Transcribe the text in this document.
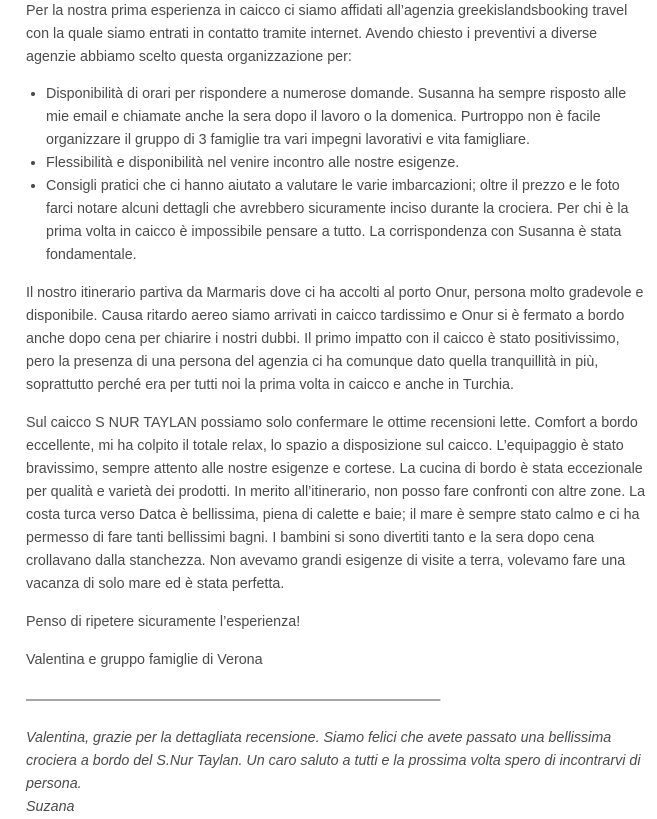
Per la nostra prima esperienza in caicco ci siamo affidati all’agenzia greekislandsbooking travel con la quale siamo entrati in contatto tramite internet. Avendo chiesto i preventivi a diverse agenzie abbiamo scelto questa organizzazione per:

• Disponibilità di orari per rispondere a numerose domande. Susanna ha sempre risposto alle mie email e chiamate anche la sera dopo il lavoro o la domenica. Purtroppo non è facile organizzare il gruppo di 3 famiglie tra vari impegni lavorativi e vita famigliare.
• Flessibilità e disponibilità nel venire incontro alle nostre esigenze.
• Consigli pratici che ci hanno aiutato a valutare le varie imbarcazioni; oltre il prezzo e le foto farci notare alcuni dettagli che avrebbero sicuramente inciso durante la crociera. Per chi è la prima volta in caicco è impossibile pensare a tutto. La corrispondenza con Susanna è stata fondamentale.

Il nostro itinerario partiva da Marmaris dove ci ha accolti al porto Onur, persona molto gradevole e disponibile. Causa ritardo aereo siamo arrivati in caicco tardissimo e Onur si è fermato a bordo anche dopo cena per chiarire i nostri dubbi. Il primo impatto con il caicco è stato positivissimo, pero la presenza di una persona del agenzia ci ha comunque dato quella tranquillità in più, soprattutto perché era per tutti noi la prima volta in caicco e anche in Turchia.

Sul caicco S NUR TAYLAN possiamo solo confermare le ottime recensioni lette. Comfort a bordo eccellente, mi ha colpito il totale relax, lo spazio a disposizione sul caicco. L’equipaggio è stato bravissimo, sempre attento alle nostre esigenze e cortese. La cucina di bordo è stata eccezionale per qualità e varietà dei prodotti. In merito all’itinerario, non posso fare confronti con altre zone. La costa turca verso Datca è bellissima, piena di calette e baie; il mare è sempre stato calmo e ci ha permesso di fare tanti bellissimi bagni. I bambini si sono divertiti tanto e la sera dopo cena crollavano dalla stanchezza. Non avevamo grandi esigenze di visite a terra, volevamo fare una vacanza di solo mare ed è stata perfetta.

Penso di ripetere sicuramente l’esperienza!

Valentina e gruppo famiglie di Verona

——————————————————————————————

Valentina, grazie per la dettagliata recensione. Siamo felici che avete passato una bellissima crociera a bordo del S.Nur Taylan. Un caro saluto a tutti e la prossima volta spero di incontrarvi di persona.
Suzana
